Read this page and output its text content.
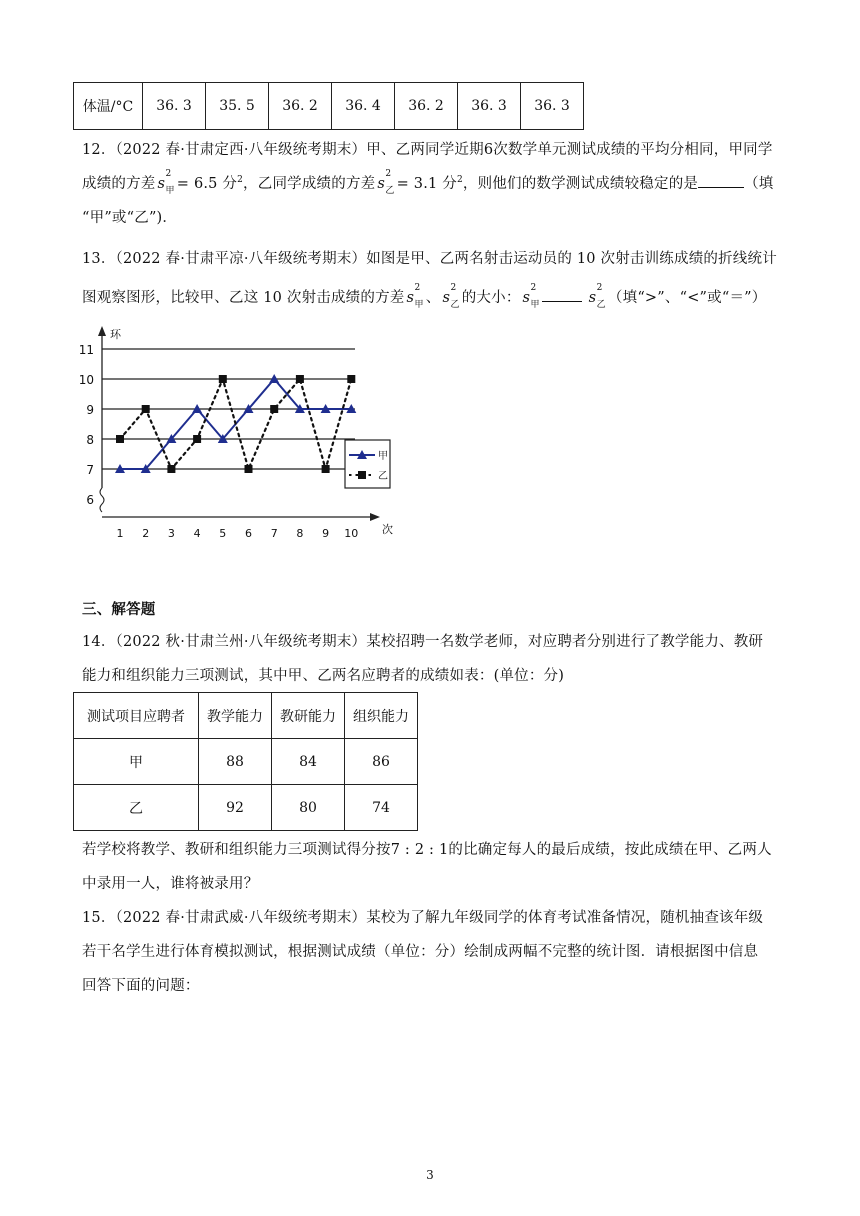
体温/°C	36. 3	35. 5	36. 2	36. 4	36. 2	36. 3	36. 3
12．（2022 春·甘肃定西·八年级统考期末）甲、乙两同学近期6次数学单元测试成绩的平均分相同，甲同学
成绩的方差 s
2
甲 = 6.5 分$^2$，乙同学成绩的方差 s
2
乙 = 3.1 分$^2$，则他们的数学测试成绩较稳定的是	（填
“甲”或“乙”)．
13．（2022 春·甘肃平凉·八年级统考期末）如图是甲、乙两名射击运动员的 10 次射击训练成绩的折线统计
图观察图形，比较甲、乙这 10 次射击成绩的方差 s
2
甲 、 s
2
乙 的大小： s
2
甲	s
2
乙 （填“>”、“<”或“＝”）
6
7
8
9
10
11
环
1 2 3 4 5 6 7 8 9 10 次
甲
乙
三、解答题
14．（2022 秋·甘肃兰州·八年级统考期末）某校招聘一名数学老师，对应聘者分别进行了教学能力、教研
能力和组织能力三项测试，其中甲、乙两名应聘者的成绩如表：(单位：分)
测试项目应聘者	教学能力	教研能力	组织能力
甲	88	84	86
乙	92	80	74
若学校将教学、教研和组织能力三项测试得分按7 : 2 : 1的比确定每人的最后成绩，按此成绩在甲、乙两人
中录用一人，谁将被录用？
15．（2022 春·甘肃武威·八年级统考期末）某校为了解九年级同学的体育考试准备情况，随机抽查该年级
若干名学生进行体育模拟测试，根据测试成绩（单位：分）绘制成两幅不完整的统计图．请根据图中信息
回答下面的问题：
3
